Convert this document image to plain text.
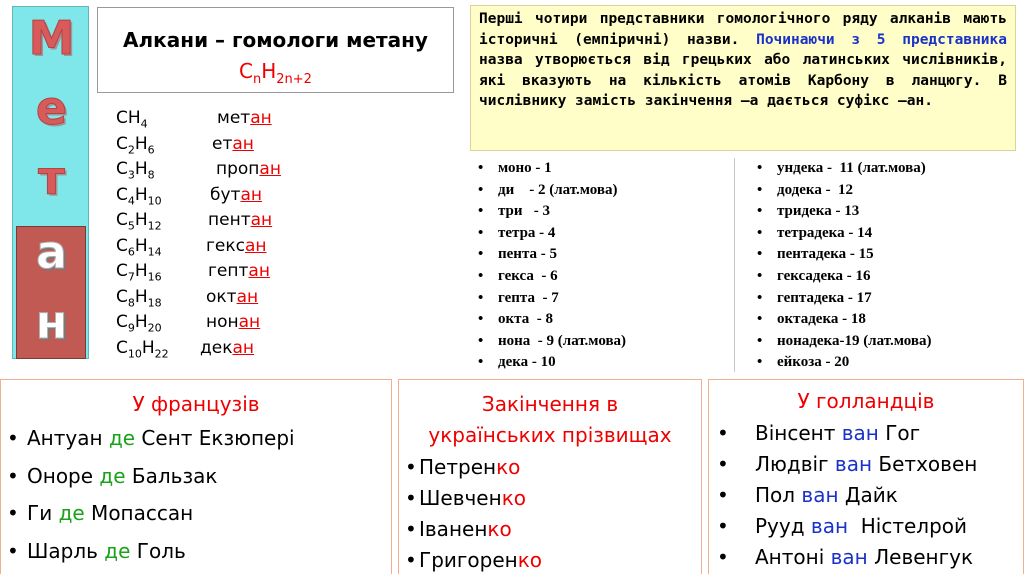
М
е
т
а
н
Алкани – гомологи метану
$C_nH_{2n+2}$
$CH_4$	метан
$C_2H_6$	етан
$C_3H_8$	пропан
$C_4H_{10}$	бутан
$C_5H_{12}$	пентан
$C_6H_{14}$	гексан
$C_7H_{16}$	гептан
$C_8H_{18}$	октан
$C_9H_{20}$	нонан
$C_{10}H_{22}$ декан
Перші чотири представники гомологічного ряду алканів мають історичні (емпіричні) назви. Починаючи з 5 представника назва утворюється від грецьких або латинських числівників, які вказують на кількість атомів Карбону в ланцюгу. В числівнику замість закінчення –а дається суфікс –ан.
• моно - 1
• ди    - 2 (лат.мова)
• три   - 3
• тетра - 4
• пента - 5
• гекса  - 6
• гепта  - 7
• окта  - 8
• нона  - 9 (лат.мова)
• дека - 10
• ундека -  11 (лат.мова)
• додека -  12
• тридека - 13
• тетрадека - 14
• пентадека - 15
• гексадека - 16
• гептадека - 17
• октадека - 18
• нонадека-19 (лат.мова)
• ейкоза - 20
У французів
• Антуан де Сент Екзюпері
• Оноре де Бальзак
• Ги де Мопассан
• Шарль де Голь
Закінчення в
українських прізвищах
• Петренко
• Шевченко
• Іваненко
• Григоренко
У голландців
• Вінсент ван Гог
• Людвіг ван Бетховен
• Пол ван Дайк
• Рууд ван  Ністелрой
• Антоні ван Левенгук
